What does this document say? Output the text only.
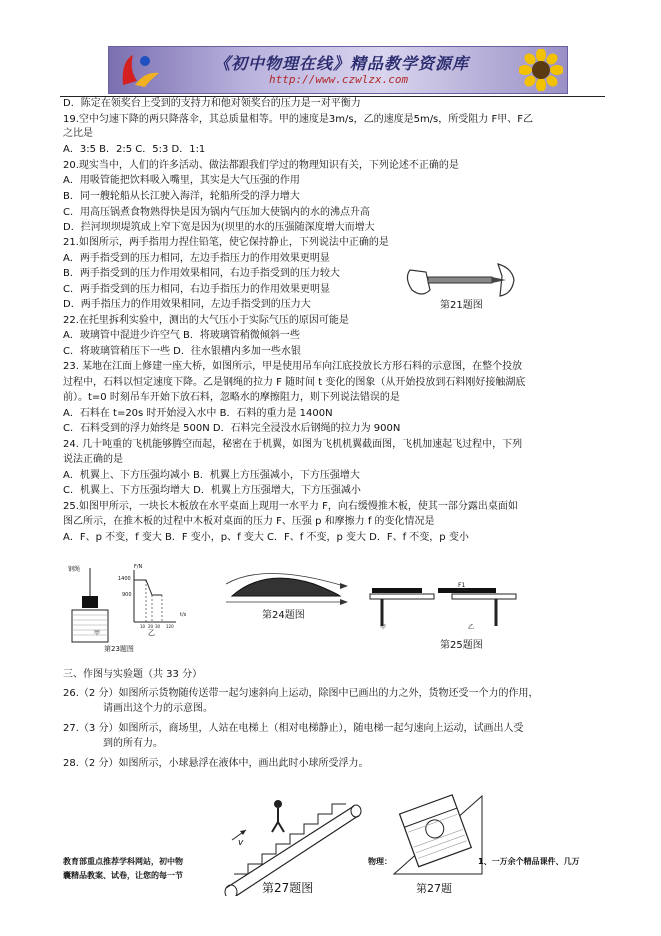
《初中物理在线》精品教学资源库
http://www.czwlzx.com
D．陈定在领奖台上受到的支持力和他对领奖台的压力是一对平衡力
19.空中匀速下降的两只降落伞，其总质量相等。甲的速度是3m/s，乙的速度是5m/s，所受阻力 F甲、F乙
之比是
A．3:5 B．2:5 C．5:3 D．1:1
20.现实当中，人们的许多活动、做法都跟我们学过的物理知识有关，下列论述不正确的是
A．用吸管能把饮料吸入嘴里，其实是大气压强的作用
B．同一艘轮船从长江驶入海洋，轮船所受的浮力增大
C．用高压锅煮食物熟得快是因为锅内气压加大使锅内的水的沸点升高
D．拦河坝坝堤筑成上窄下宽是因为(坝里的水的压强随深度增大而增大
21.如图所示，两手指用力捏住铅笔，使它保持静止，下列说法中正确的是
A．两手指受到的压力相同，左边手指压力的作用效果更明显
B．两手指受到的压力作用效果相同，右边手指受到的压力较大
C．两手指受到的压力相同，右边手指压力的作用效果更明显
D．两手指压力的作用效果相同，左边手指受到的压力大
22.在托里拆利实验中，测出的大气压小于实际气压的原因可能是
A．玻璃管中混进少许空气 B．将玻璃管稍微倾斜一些
C．将玻璃管稍压下一些 D．往水银槽内多加一些水银
23. 某地在江面上修建一座大桥，如图所示，甲是使用吊车向江底投放长方形石料的示意图，在整个投放
过程中，石料以恒定速度下降。乙是钢绳的拉力 F 随时间 t 变化的图象（从开始投放到石料刚好接触湖底
前）。t=0 时刻吊车开始下放石料，忽略水的摩擦阻力，则下列说法错误的是
A．石料在 t=20s 时开始浸入水中 B．石料的重力是 1400N
C．石料受到的浮力始终是 500N D．石料完全浸没水后钢绳的拉力为 900N
24. 几十吨重的飞机能够腾空而起，秘密在于机翼，如图为飞机机翼截面图，飞机加速起飞过程中，下列
说法正确的是
A．机翼上、下方压强均减小 B．机翼上方压强减小，下方压强增大
C．机翼上、下方压强均增大 D．机翼上方压强增大，下方压强减小
25.如图甲所示，一块长木板放在水平桌面上现用一水平力 F，向右缓慢推木板，使其一部分露出桌面如
图乙所示，在推木板的过程中木板对桌面的压力 F、压强 p 和摩擦力 f 的变化情况是
A．F、p 不变，f 变大 B．F 变小，p、f 变大 C．F、f 不变，p 变大 D．F、f 不变，p 变小
第21题图
钢绳
甲	乙
F/N
1400
900
t/s
10 20 30 120
第23题图
第24题图
F1
甲	乙
第25题图
三、作图与实验题（共 33 分）
26.（2 分）如图所示货物随传送带一起匀速斜向上运动，除图中已画出的力之外，货物还受一个力的作用，
请画出这个力的示意图。
27.（3 分）如图所示，商场里，人站在电梯上（相对电梯静止），随电梯一起匀速向上运动，试画出人受
到的所有力。
28.（2 分）如图所示，小球悬浮在液体中，画出此时小球所受浮力。
v
第27题图	第27题
教育部重点推荐学科网站，初中物
囊精品教案、试卷，让您的每一节
物理：	1、一万余个精品课件、几万
